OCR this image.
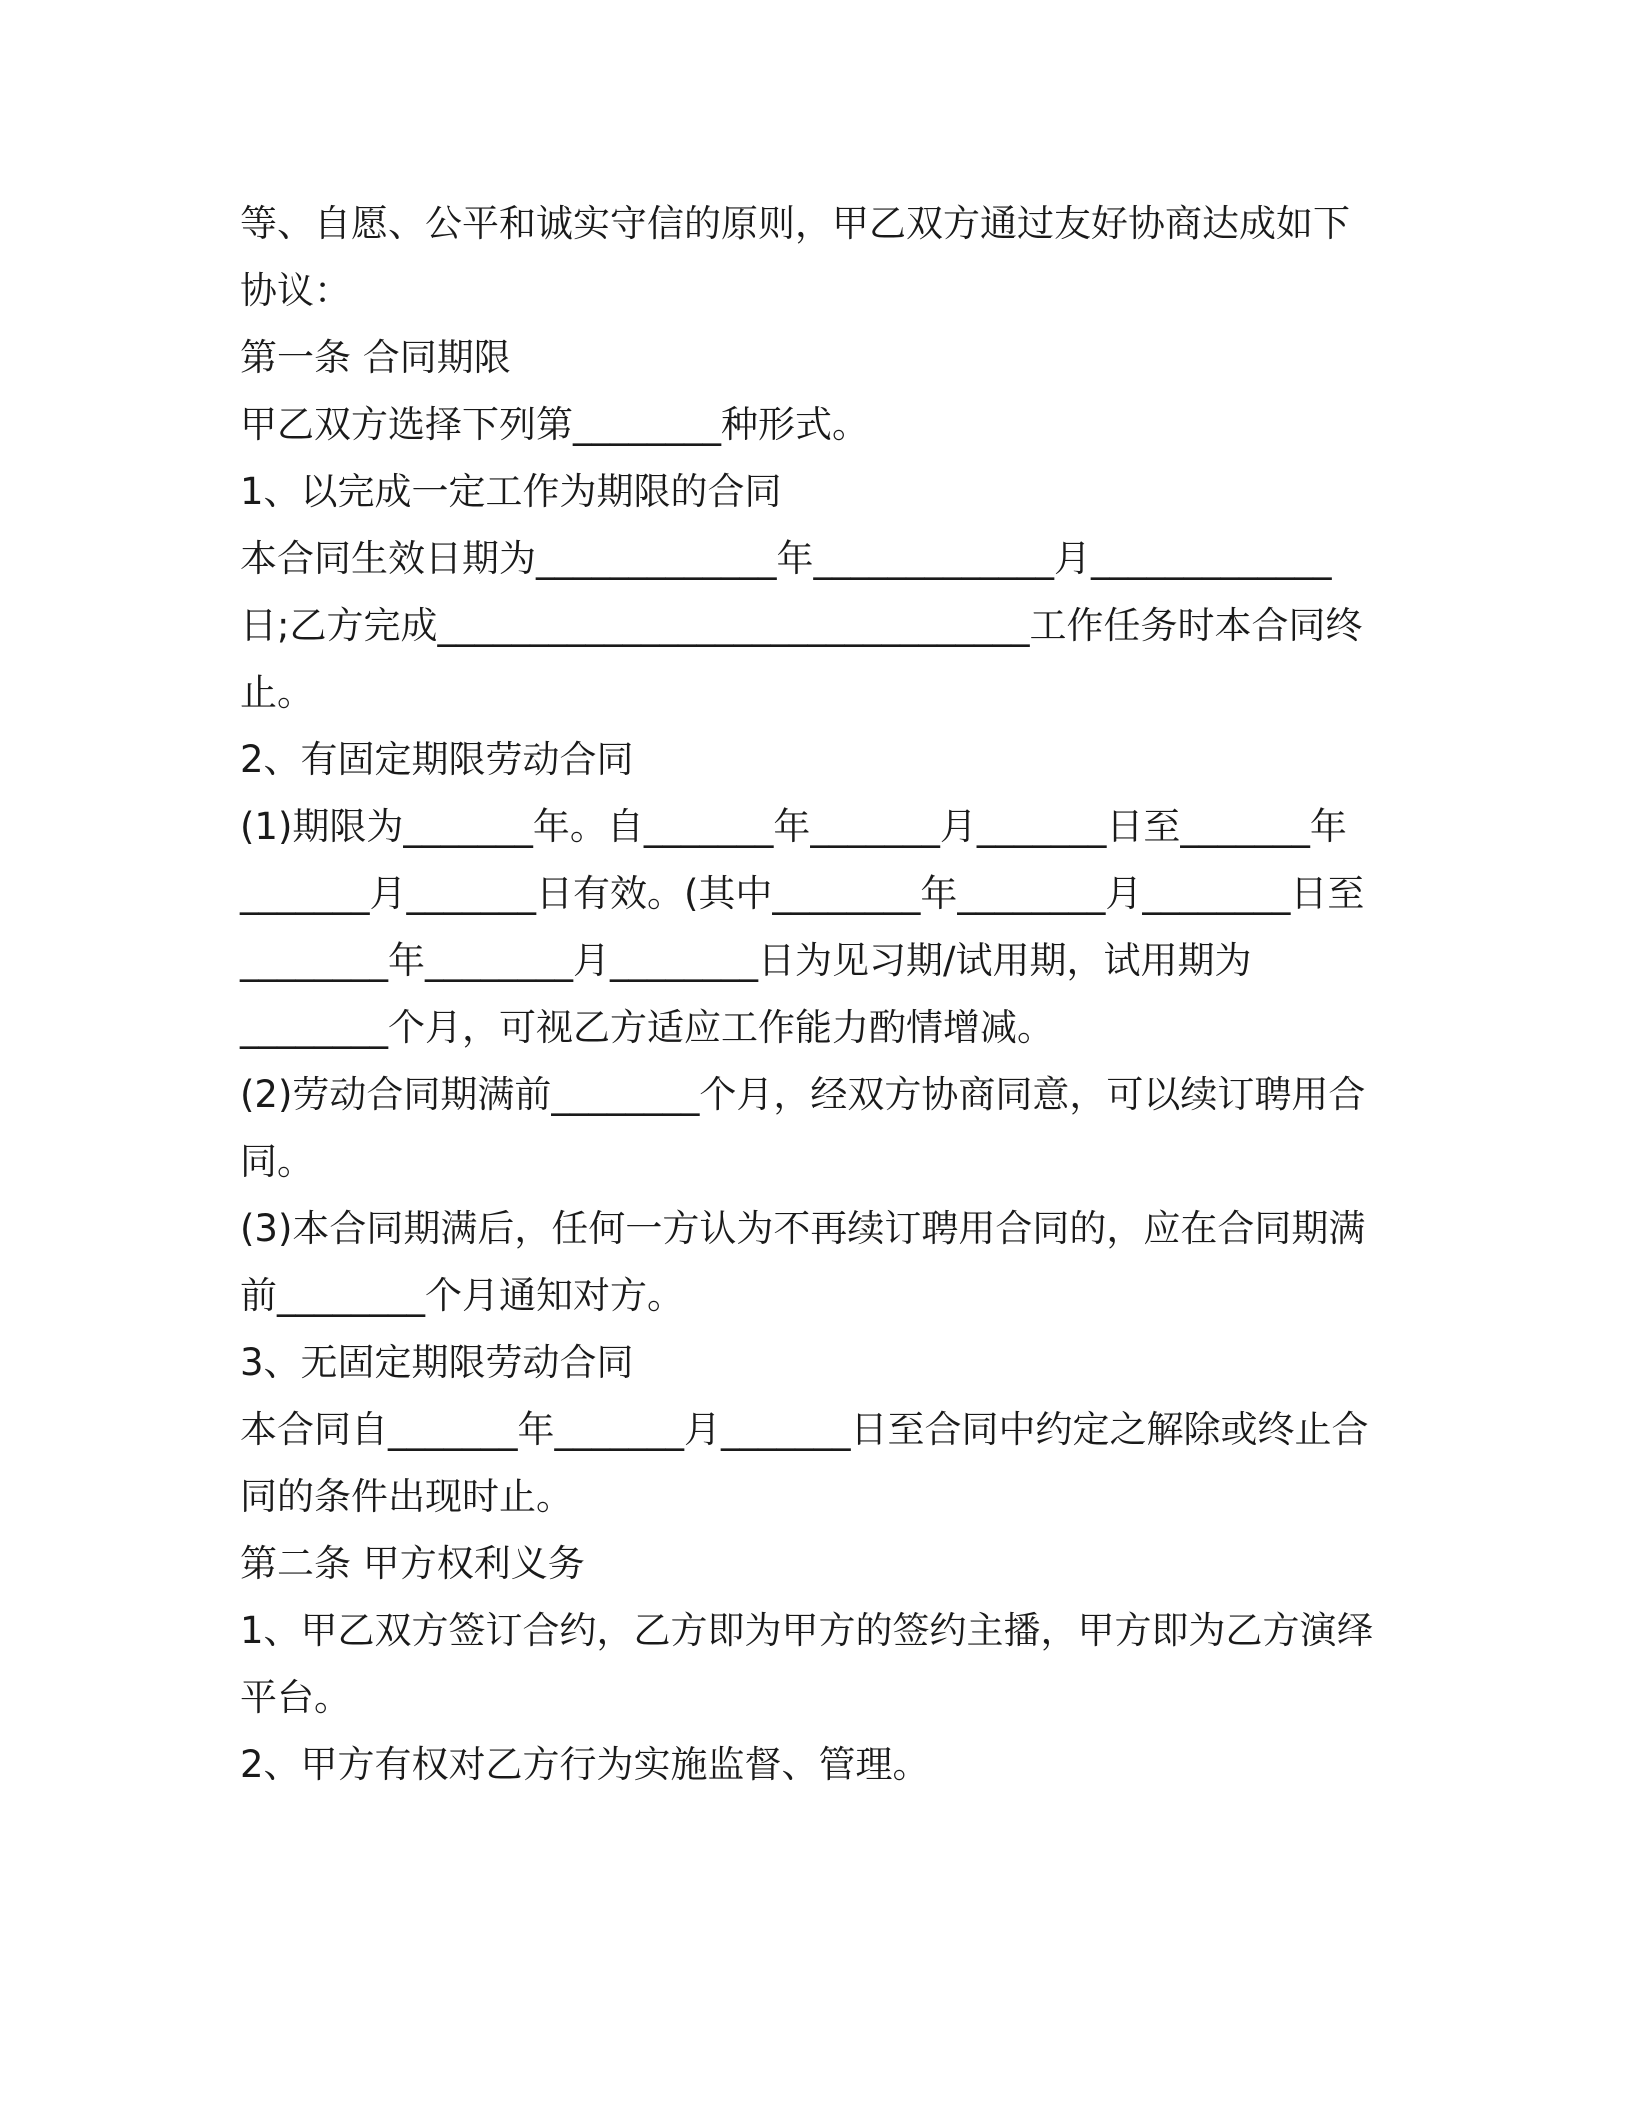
等、自愿、公平和诚实守信的原则，甲乙双方通过友好协商达成如下
协议：
第一条 合同期限
甲乙双方选择下列第________种形式。
1、以完成一定工作为期限的合同
本合同生效日期为_____________年_____________月_____________
日;乙方完成________________________________工作任务时本合同终
止。
2、有固定期限劳动合同
(1)期限为_______年。自_______年_______月_______日至_______年
_______月_______日有效。(其中________年________月________日至
________年________月________日为见习期/试用期，试用期为
________个月，可视乙方适应工作能力酌情增减。
(2)劳动合同期满前________个月，经双方协商同意，可以续订聘用合
同。
(3)本合同期满后，任何一方认为不再续订聘用合同的，应在合同期满
前________个月通知对方。
3、无固定期限劳动合同
本合同自_______年_______月_______日至合同中约定之解除或终止合
同的条件出现时止。
第二条 甲方权利义务
1、甲乙双方签订合约，乙方即为甲方的签约主播，甲方即为乙方演绎
平台。
2、甲方有权对乙方行为实施监督、管理。
